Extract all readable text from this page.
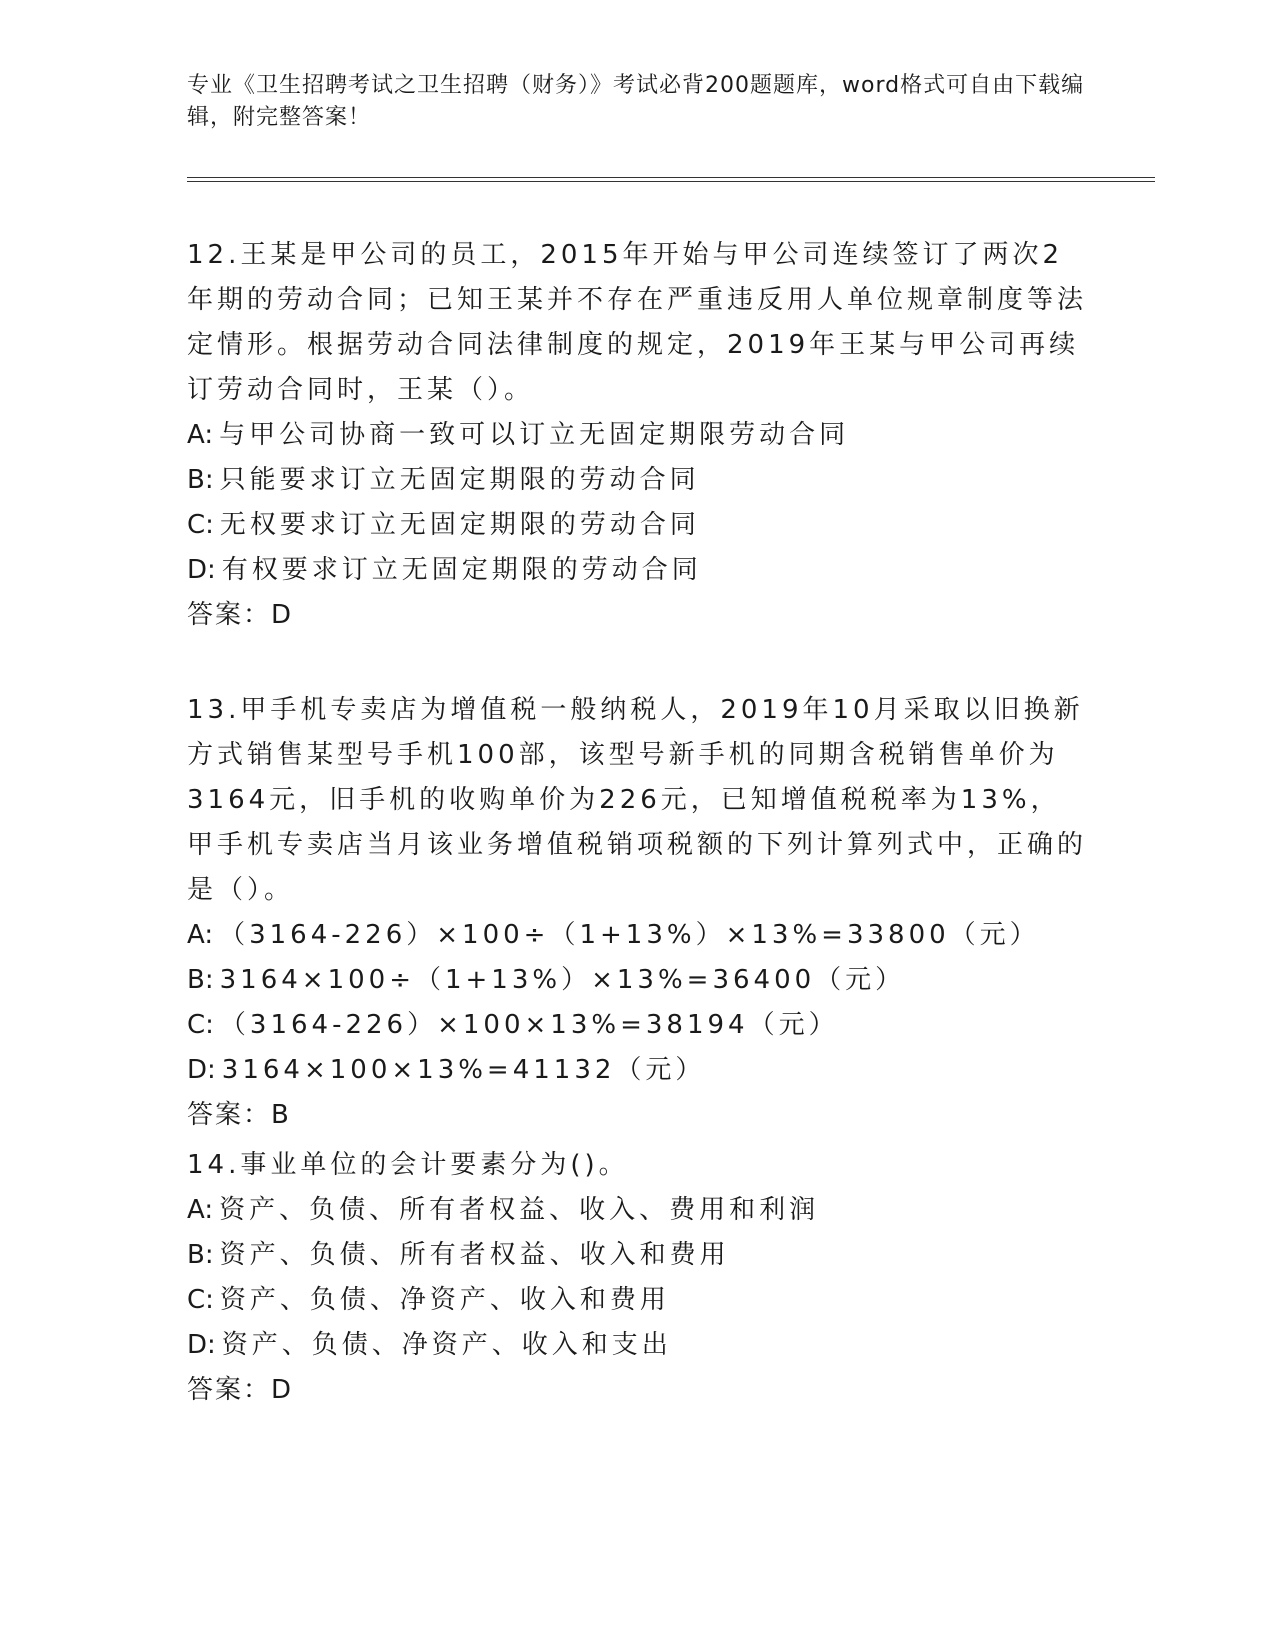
专业《卫生招聘考试之卫生招聘（财务）》考试必背200题题库，word格式可自由下载编辑，附完整答案！
12.王某是甲公司的员工，2015年开始与甲公司连续签订了两次2年期的劳动合同；已知王某并不存在严重违反用人单位规章制度等法定情形。根据劳动合同法律制度的规定，2019年王某与甲公司再续订劳动合同时，王某（）。
A: 与甲公司协商一致可以订立无固定期限劳动合同
B: 只能要求订立无固定期限的劳动合同
C: 无权要求订立无固定期限的劳动合同
D: 有权要求订立无固定期限的劳动合同
答案：D
13.甲手机专卖店为增值税一般纳税人，2019年10月采取以旧换新方式销售某型号手机100部，该型号新手机的同期含税销售单价为3164元，旧手机的收购单价为226元，已知增值税税率为13%，甲手机专卖店当月该业务增值税销项税额的下列计算列式中，正确的是（）。
A: （3164-226）×100÷（1+13%）×13%=33800（元）
B: 3164×100÷（1+13%）×13%=36400（元）
C: （3164-226）×100×13%=38194（元）
D: 3164×100×13%=41132（元）
答案：B
14.事业单位的会计要素分为()。
A: 资产、负债、所有者权益、收入、费用和利润
B: 资产、负债、所有者权益、收入和费用
C: 资产、负债、净资产、收入和费用
D: 资产、负债、净资产、收入和支出
答案：D
